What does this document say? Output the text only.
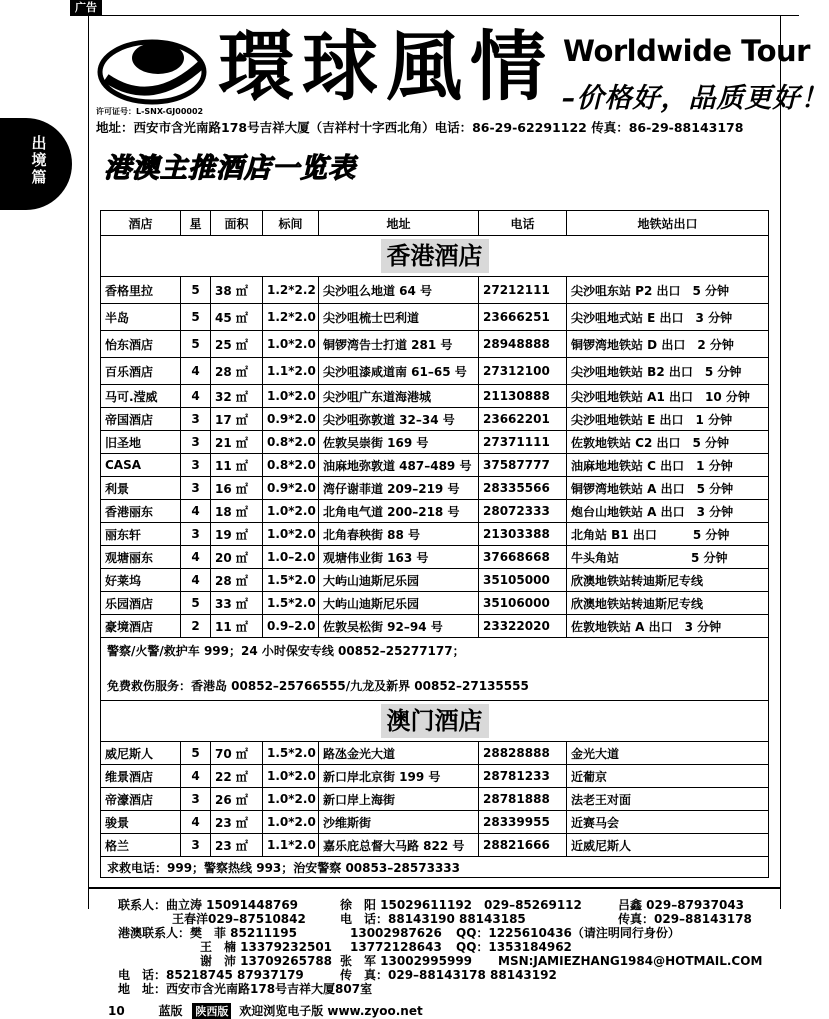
广告
出境篇
環球風情 Worldwide Tour
–价格好，品质更好！
许可证号：L-SNX-GJ00002
地址：西安市含光南路178号吉祥大厦（吉祥村十字西北角）电话：86-29-62291122 传真：86-29-88143178
港澳主推酒店一览表
酒店	星	面积	标间	地址	电话	地铁站出口
香港酒店						
香格里拉	5	38 ㎡	1.2*2.2	尖沙咀么地道 64 号	27212111	尖沙咀东站 P2 出口　5 分钟
半岛	5	45 ㎡	1.2*2.0	尖沙咀梳士巴利道	23666251	尖沙咀地式站 E 出口　3 分钟
怡东酒店	5	25 ㎡	1.0*2.0	铜锣湾告士打道 281 号	28948888	铜锣湾地铁站 D 出口　2 分钟
百乐酒店	4	28 ㎡	1.1*2.0	尖沙咀漆咸道南 61–65 号	27312100	尖沙咀地铁站 B2 出口　5 分钟
马可.滢威	4	32 ㎡	1.0*2.0	尖沙咀广东道海港城	21130888	尖沙咀地铁站 A1 出口　10 分钟
帝国酒店	3	17 ㎡	0.9*2.0	尖沙咀弥敦道 32–34 号	23662201	尖沙咀地铁站 E 出口　1 分钟
旧圣地	3	21 ㎡	0.8*2.0	佐敦吴崇街 169 号	27371111	佐敦地铁站 C2 出口　5 分钟
CASA	3	11 ㎡	0.8*2.0	油麻地弥敦道 487–489 号	37587777	油麻地地铁站 C 出口　1 分钟
利景	3	16 ㎡	0.9*2.0	湾仔谢菲道 209–219 号	28335566	铜锣湾地铁站 A 出口　5 分钟
香港丽东	4	18 ㎡	1.0*2.0	北角电气道 200–218 号	28072333	炮台山地铁站 A 出口　3 分钟
丽东轩	3	19 ㎡	1.0*2.0	北角春秧街 88 号	21303388	北角站 B1 出口　　　5 分钟
观塘丽东	4	20 ㎡	1.0–2.0	观塘伟业街 163 号	37668668	牛头角站　　　　　　5 分钟
好莱坞	4	28 ㎡	1.5*2.0	大屿山迪斯尼乐园	35105000	欣澳地铁站转迪斯尼专线
乐园酒店	5	33 ㎡	1.5*2.0	大屿山迪斯尼乐园	35106000	欣澳地铁站转迪斯尼专线
豪境酒店	2	11 ㎡	0.9–2.0	佐敦吴松街 92–94 号	23322020	佐敦地铁站 A 出口　3 分钟

警察/火警/救护车 999；24 小时保安专线 00852–25277177；
免费救伤服务：香港岛 00852–25766555/九龙及新界 00852–27135555						

澳门酒店						
威尼斯人	5	70 ㎡	1.5*2.0	路氹金光大道	28828888	金光大道
维景酒店	4	22 ㎡	1.0*2.0	新口岸北京街 199 号	28781233	近葡京
帝濠酒店	3	26 ㎡	1.0*2.0	新口岸上海街	28781888	法老王对面
骏景	4	23 ㎡	1.0*2.0	沙维斯街	28339955	近赛马会
格兰	3	23 ㎡	1.1*2.0	嘉乐庇总督大马路 822 号	28821666	近威尼斯人
求救电话：999；警察热线 993；治安警察 00853–28573333						
联系人：曲立涛 15091448769	徐　阳 15029611192　029–85269112	吕鑫 029–87937043
王春洋029–87510842	电　话：88143190 88143185	传真：029–88143178
港澳联系人：樊　菲 85211195	13002987626 QQ：1225610436（请注明同行身份）
王　楠 13379232501 13772128643 QQ：1353184962
谢　沛 13709265788 张　军 13002995999 MSN:JAMIEZHANG1984@HOTMAIL.COM
电　话：85218745 87937179	传　真：029–88143178 88143192
地　址：西安市含光南路178号吉祥大厦807室
10	蓝版 陕西版 欢迎浏览电子版 www.zyoo.net
